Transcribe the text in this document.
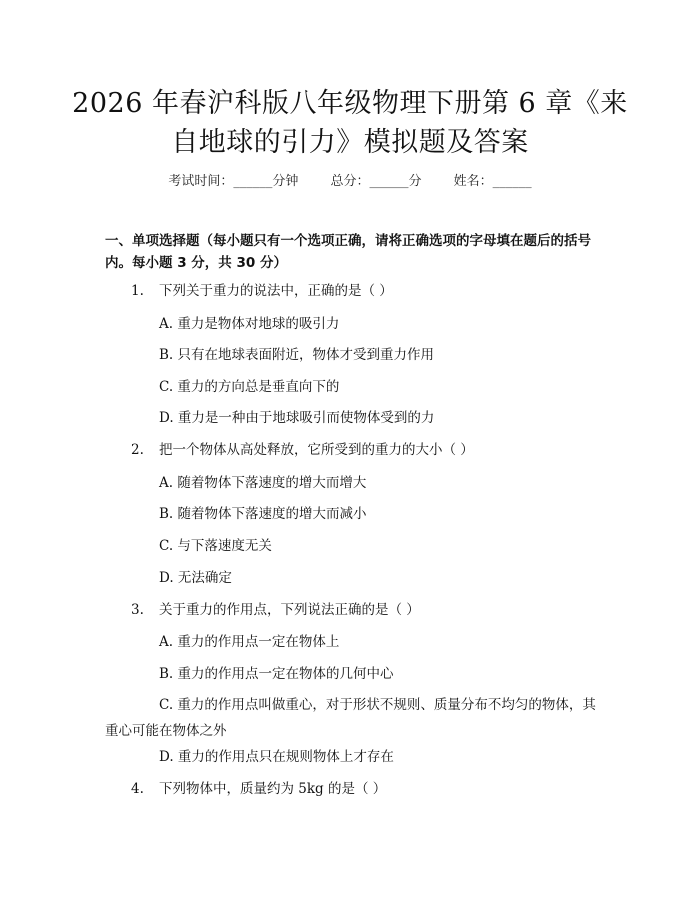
2026 年春沪科版八年级物理下册第 6 章《来自地球的引力》模拟题及答案
考试时间：______分钟 总分：______分 姓名：______
一、单项选择题（每小题只有一个选项正确，请将正确选项的字母填在题后的括号内。每小题 3 分，共 30 分）
1. 下列关于重力的说法中，正确的是（ ）
A. 重力是物体对地球的吸引力
B. 只有在地球表面附近，物体才受到重力作用
C. 重力的方向总是垂直向下的
D. 重力是一种由于地球吸引而使物体受到的力
2. 把一个物体从高处释放，它所受到的重力的大小（ ）
A. 随着物体下落速度的增大而增大
B. 随着物体下落速度的增大而减小
C. 与下落速度无关
D. 无法确定
3. 关于重力的作用点，下列说法正确的是（ ）
A. 重力的作用点一定在物体上
B. 重力的作用点一定在物体的几何中心
C. 重力的作用点叫做重心，对于形状不规则、质量分布不均匀的物体，其重心可能在物体之外
D. 重力的作用点只在规则物体上才存在
4. 下列物体中，质量约为 5kg 的是（ ）
